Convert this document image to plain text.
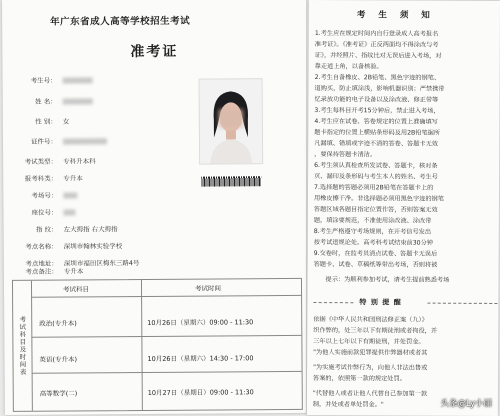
年广东省成人高等学校招生考试
准考证
考生号：
姓 名：
性 别： 女
证件号：
考试类型： 专科升本科
报考科类： 专升本
考场号：
座位号：
指 纹： 左大拇指 右大拇指
考点名称： 深圳市翰林实验学校
考点地址： 深圳市福田区梅东三路4号
考点备注： 专升本
考试科目及时间表
考试科目	考试时间
政治(专升本)	10月26日（星期六）09:00 - 11:30
英语(专升本)	10月26日（星期六）14:30 - 17:00
高等数学(二)	10月27日（星期日）09:00 - 11:30
考 生 须 知
1.考生应在规定时间内自行登录成人高考报名
准考证》。《准考证》正反两面均不得涂改与考
证》，并经照片、指纹比对无误后进入考场，对
靠走道上角，以备核验。
2.考生自备橡皮、2B铅笔、黑色字迹的钢笔、
道购买，防止填涂浅，影响机器识别；严禁携带
忆录放功能的电子设备以及涂改液、修正带等
3.考生每科目开考15分钟后，禁止进入考场，
4.考生应在试卷、答卷规定的位置上准确填写
题卡指定的位置上横贴条形码及用2B铅笔据所
凡漏填、错填或字迹不清的答卷、答题卡无效
，要保持答题卡清洁。
6.考生须认真检查所发试卷、答题卡，核对条
页、漏印及条形码与考生本人的姓名、考生号
7.选择题的答题必须用2B铅笔在答题卡上的
用橡皮擦干净。非选择题必须用黑色字迹的钢笔
答题区域各题目指定位置作答，否则答案无效
题，填涂要规范，不准使用涂改液、涂改带
8.考生严格遵守考场规则，在开考信号发出
按考试违规论处。高考科考试结束前30分钟
9.交卷时，在监考员清点试卷、答题卡无误后
答题卡、试卷、草稿纸等带出考场，否则将被
提示：为顺利参加考试，请考生提前熟悉考场
特 别 提 醒
依据《中华人民共和国刑法修正案（九）》
织作弊的，处三年以下有期徒刑或者拘役，并
三年以上七年以下有期徒刑，并处罚金。
"为他人实施前款犯罪提供作弊器材或者其
"为实施考试作弊行为，向他人非法出售或
答案的，依照第一款的规定处罚。
"代替他人或者让他人代替自己参加第一款
制，并处或者单处罚金。"	头条@Ly小丽
